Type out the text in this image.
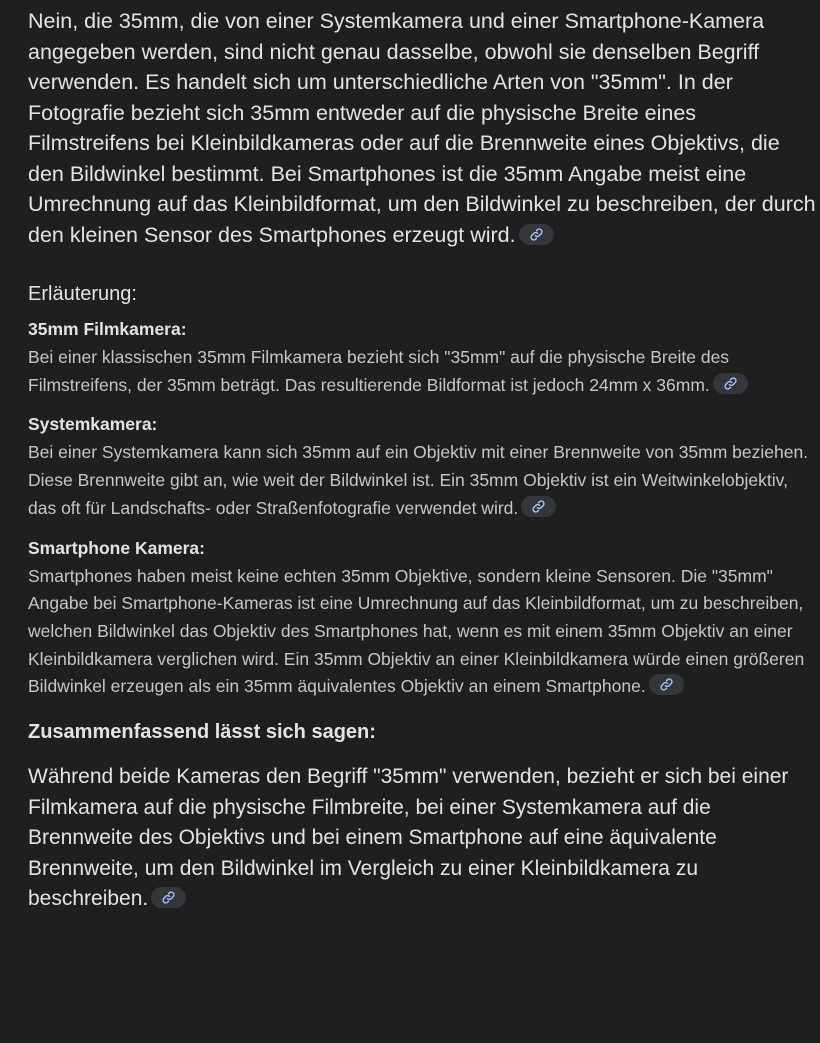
Nein, die 35mm, die von einer Systemkamera und einer Smartphone-Kamera angegeben werden, sind nicht genau dasselbe, obwohl sie denselben Begriff verwenden. Es handelt sich um unterschiedliche Arten von "35mm". In der Fotografie bezieht sich 35mm entweder auf die physische Breite eines Filmstreifens bei Kleinbildkameras oder auf die Brennweite eines Objektivs, die den Bildwinkel bestimmt. Bei Smartphones ist die 35mm Angabe meist eine Umrechnung auf das Kleinbildformat, um den Bildwinkel zu beschreiben, der durch den kleinen Sensor des Smartphones erzeugt wird.

Erläuterung:
35mm Filmkamera:

Bei einer klassischen 35mm Filmkamera bezieht sich "35mm" auf die physische Breite des Filmstreifens, der 35mm beträgt. Das resultierende Bildformat ist jedoch 24mm x 36mm.

Systemkamera:

Bei einer Systemkamera kann sich 35mm auf ein Objektiv mit einer Brennweite von 35mm beziehen. Diese Brennweite gibt an, wie weit der Bildwinkel ist. Ein 35mm Objektiv ist ein Weitwinkelobjektiv, das oft für Landschafts- oder Straßenfotografie verwendet wird.

Smartphone Kamera:

Smartphones haben meist keine echten 35mm Objektive, sondern kleine Sensoren. Die "35mm" Angabe bei Smartphone-Kameras ist eine Umrechnung auf das Kleinbildformat, um zu beschreiben, welchen Bildwinkel das Objektiv des Smartphones hat, wenn es mit einem 35mm Objektiv an einer Kleinbildkamera verglichen wird. Ein 35mm Objektiv an einer Kleinbildkamera würde einen größeren Bildwinkel erzeugen als ein 35mm äquivalentes Objektiv an einem Smartphone.

Zusammenfassend lässt sich sagen:

Während beide Kameras den Begriff "35mm" verwenden, bezieht er sich bei einer Filmkamera auf die physische Filmbreite, bei einer Systemkamera auf die Brennweite des Objektivs und bei einem Smartphone auf eine äquivalente Brennweite, um den Bildwinkel im Vergleich zu einer Kleinbildkamera zu beschreiben.
